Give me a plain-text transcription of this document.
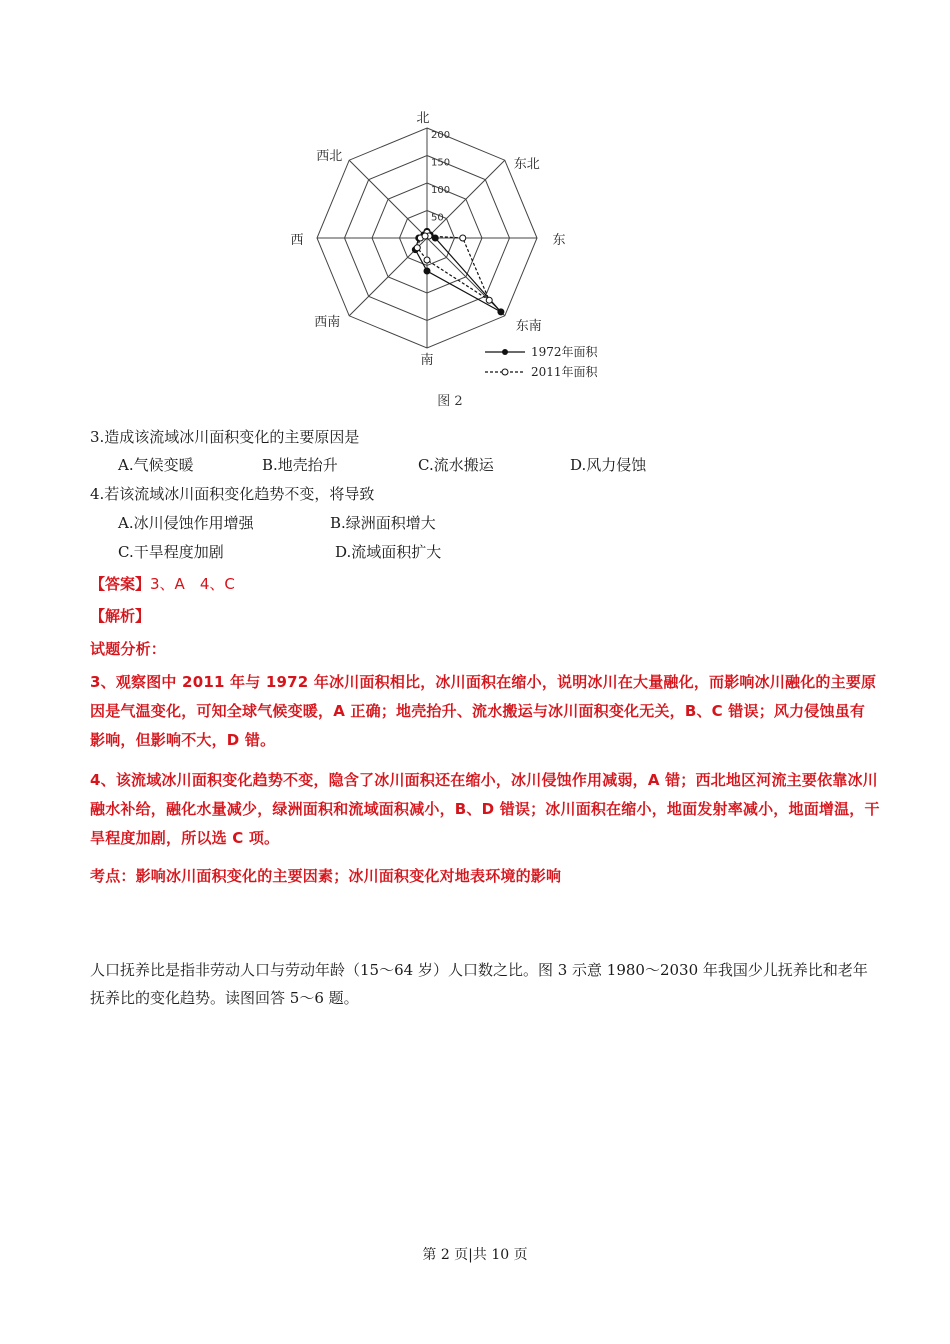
200
150
100
50
北
东北
东
东南
南
西南
西
西北
1972年面积
2011年面积
图 2
3.造成该流域冰川面积变化的主要原因是
A.气候变暖	B.地壳抬升	C.流水搬运	D.风力侵蚀
4.若该流域冰川面积变化趋势不变，将导致
A.冰川侵蚀作用增强	B.绿洲面积增大
C.干旱程度加剧	D.流域面积扩大
【答案】3、A　4、C
【解析】
试题分析：
3、观察图中 2011 年与 1972 年冰川面积相比，冰川面积在缩小，说明冰川在大量融化，而影响冰川融化的主要原因是气温变化，可知全球气候变暖，A 正确；地壳抬升、流水搬运与冰川面积变化无关，B、C 错误；风力侵蚀虽有影响，但影响不大，D 错。
4、该流域冰川面积变化趋势不变，隐含了冰川面积还在缩小，冰川侵蚀作用减弱，A 错；西北地区河流主要依靠冰川融水补给，融化水量减少，绿洲面积和流域面积减小，B、D 错误；冰川面积在缩小，地面发射率减小，地面增温，干旱程度加剧，所以选 C 项。
考点：影响冰川面积变化的主要因素；冰川面积变化对地表环境的影响
人口抚养比是指非劳动人口与劳动年龄（15～64 岁）人口数之比。图 3 示意 1980～2030 年我国少儿抚养比和老年抚养比的变化趋势。读图回答 5～6 题。
第 2 页|共 10 页
